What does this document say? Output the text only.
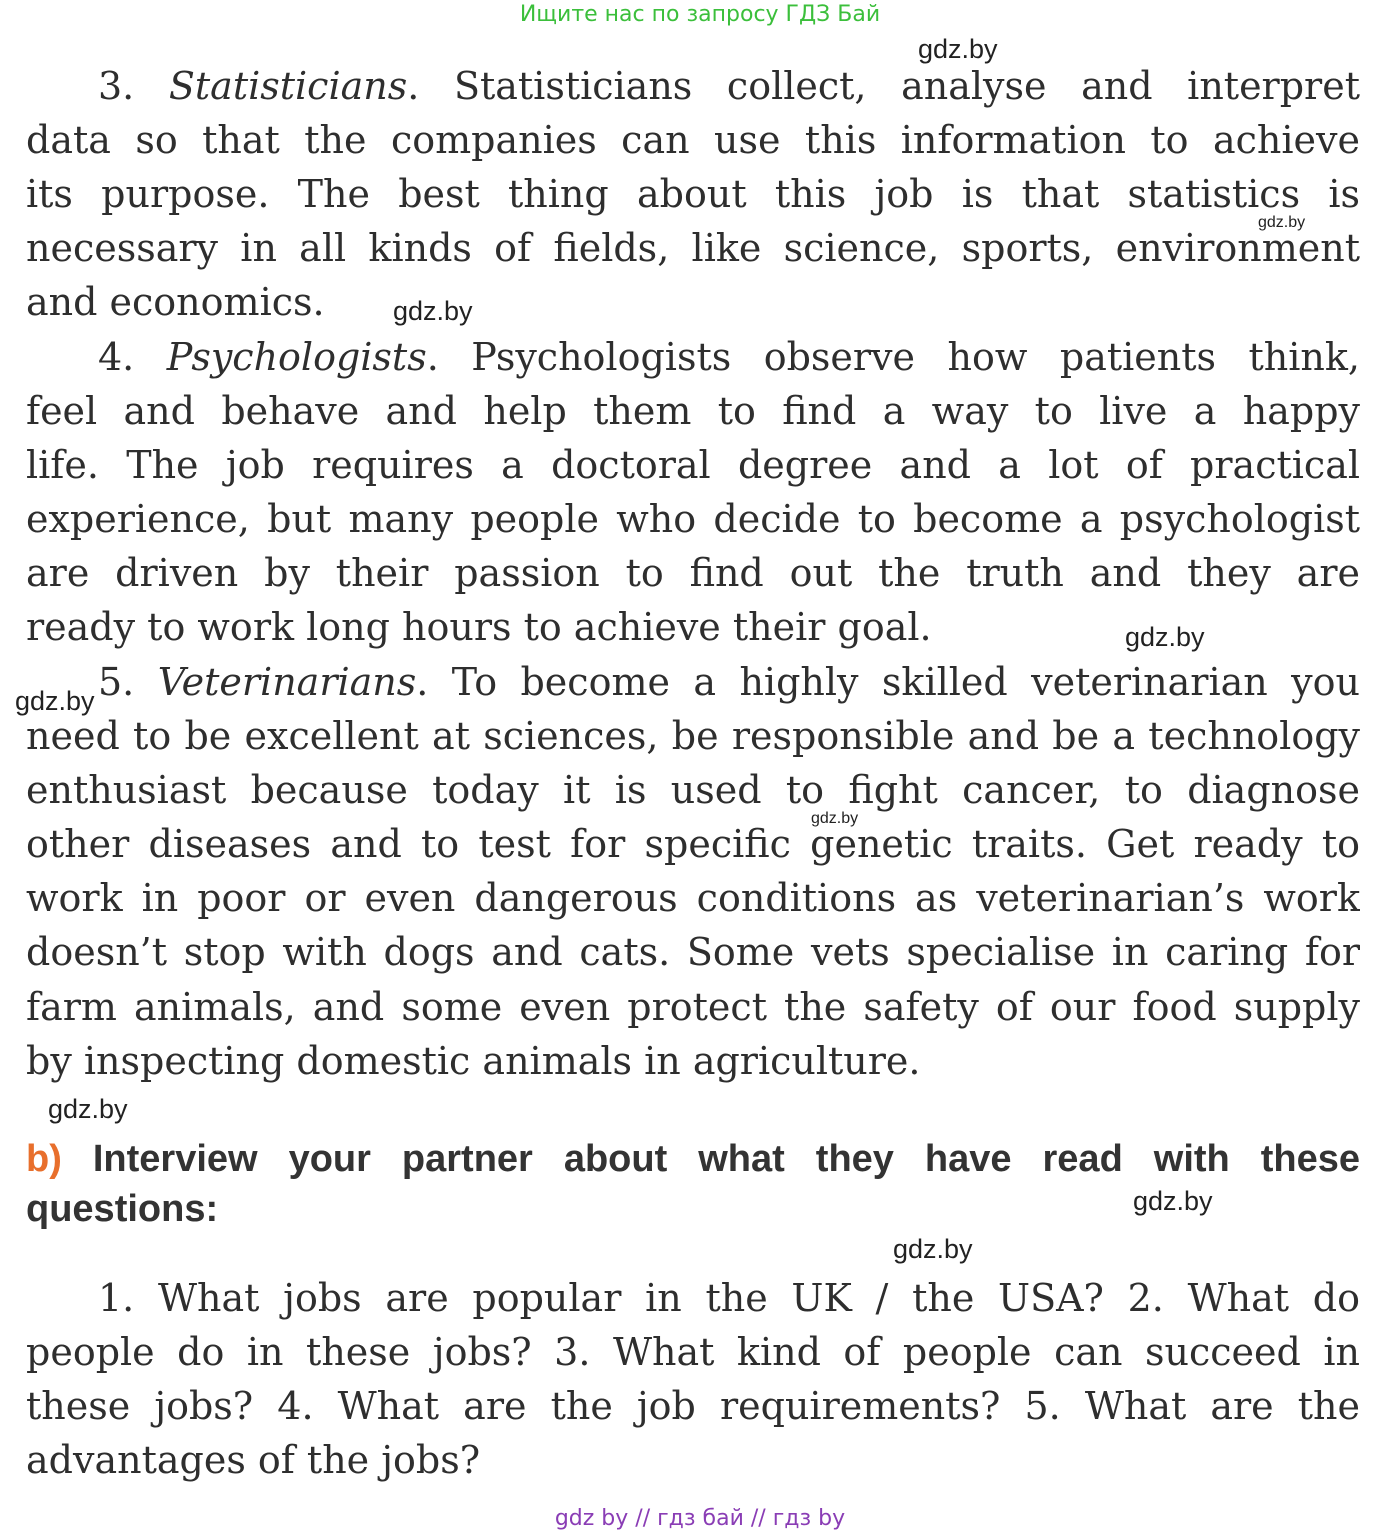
Ищите нас по запросу ГДЗ Бай
gdz.by
gdz.by
gdz.by
gdz.by
gdz.by
gdz.by
gdz.by
gdz.by
gdz.by
3. Statisticians. Statisticians collect, analyse and interpret
data so that the companies can use this information to achieve
its purpose. The best thing about this job is that statistics is
necessary in all kinds of fields, like science, sports, environment
and economics.
4. Psychologists. Psychologists observe how patients think,
feel and behave and help them to find a way to live a happy
life. The job requires a doctoral degree and a lot of practical
experience, but many people who decide to become a psychologist
are driven by their passion to find out the truth and they are
ready to work long hours to achieve their goal.
5. Veterinarians. To become a highly skilled veterinarian you
need to be excellent at sciences, be responsible and be a technology
enthusiast because today it is used to fight cancer, to diagnose
other diseases and to test for specific genetic traits. Get ready to
work in poor or even dangerous conditions as veterinarian’s work
doesn’t stop with dogs and cats. Some vets specialise in caring for
farm animals, and some even protect the safety of our food supply
by inspecting domestic animals in agriculture.
b) Interview your partner about what they have read with these
questions:
1. What jobs are popular in the UK / the USA? 2. What do
people do in these jobs? 3. What kind of people can succeed in
these jobs? 4. What are the job requirements? 5. What are the
advantages of the jobs?
gdz by // гдз бай // гдз by
